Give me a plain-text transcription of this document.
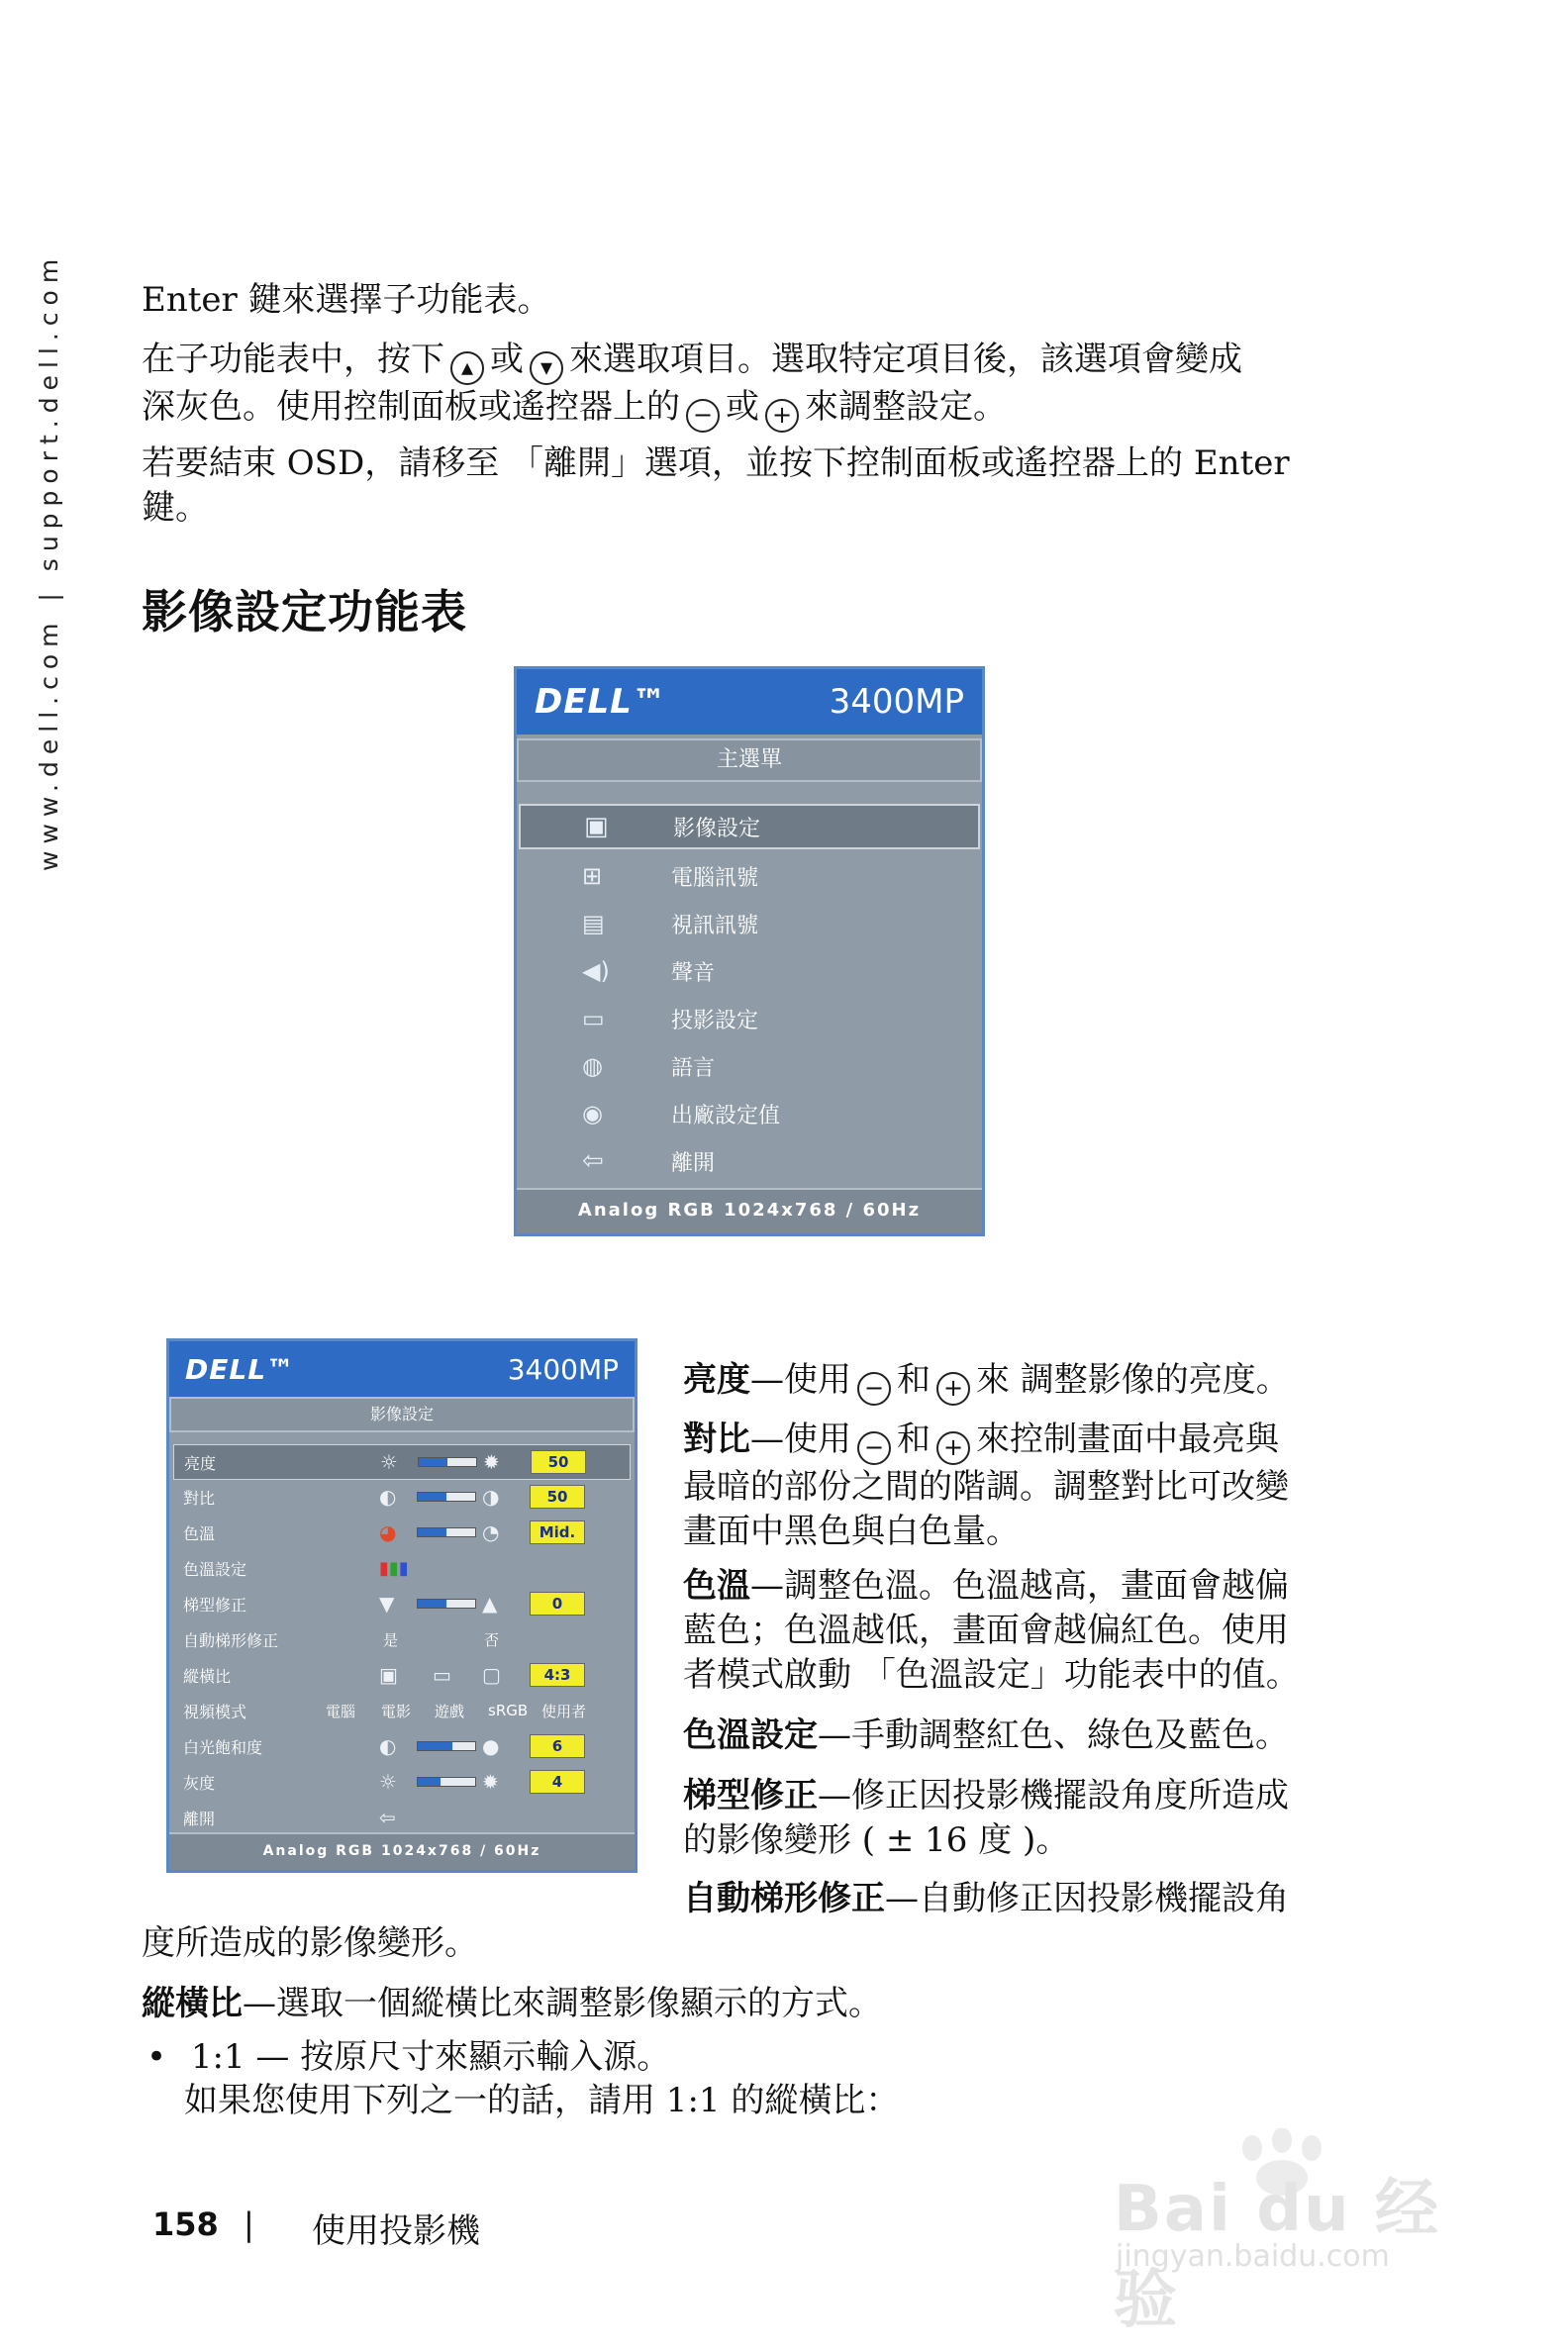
www.dell.com | support.dell.com Enter 鍵來選擇子功能表。

在子功能表中，按下 ▴ 或 ▾ 來選取項目。選取特定項目後，該選項會變成
深灰色。使用控制面板或遙控器上的 − 或 + 來調整設定。

若要結束 OSD，請移至 「離開」選項，並按下控制面板或遙控器上的 Enter
鍵。

影像設定功能表
DELL™	3400MP
主選單
▣	影像設定
⊞	電腦訊號
▤	視訊訊號
◀)	聲音
▭	投影設定
◍	語言
◉	出廠設定值
⇦	離開
Analog RGB 1024x768 / 60Hz
DELL™	3400MP
影像設定
亮度	☼	✹	50
對比	◐	◑	50
色溫	◕	◔	Mid.
色溫設定	▮▮▮
梯型修正	▼	▲	0
自動梯形修正	是	否
縱橫比	▣ ▭ ▢	4:3
視頻模式	電腦 電影 遊戲 sRGB 使用者
白光飽和度	◐	●	6
灰度	☼	✹	4
離開	⇦
Analog RGB 1024x768 / 60Hz

亮度—使用 − 和 + 來 調整影像的亮度。

對比—使用 − 和 + 來控制畫面中最亮與
最暗的部份之間的階調。調整對比可改變
畫面中黑色與白色量。

色溫—調整色溫。色溫越高，畫面會越偏
藍色；色溫越低，畫面會越偏紅色。使用
者模式啟動 「色溫設定」功能表中的值。

色溫設定—手動調整紅色、綠色及藍色。

梯型修正—修正因投影機擺設角度所造成
的影像變形 ( ± 16 度 )。

自動梯形修正—自動修正因投影機擺設角

度所造成的影像變形。

縱橫比—選取一個縱橫比來調整影像顯示的方式。

• 1:1 — 按原尺寸來顯示輸入源。

如果您使用下列之一的話，請用 1:1 的縱橫比：

158 | 使用投影機	Bai du 经验
jingyan.baidu.com
